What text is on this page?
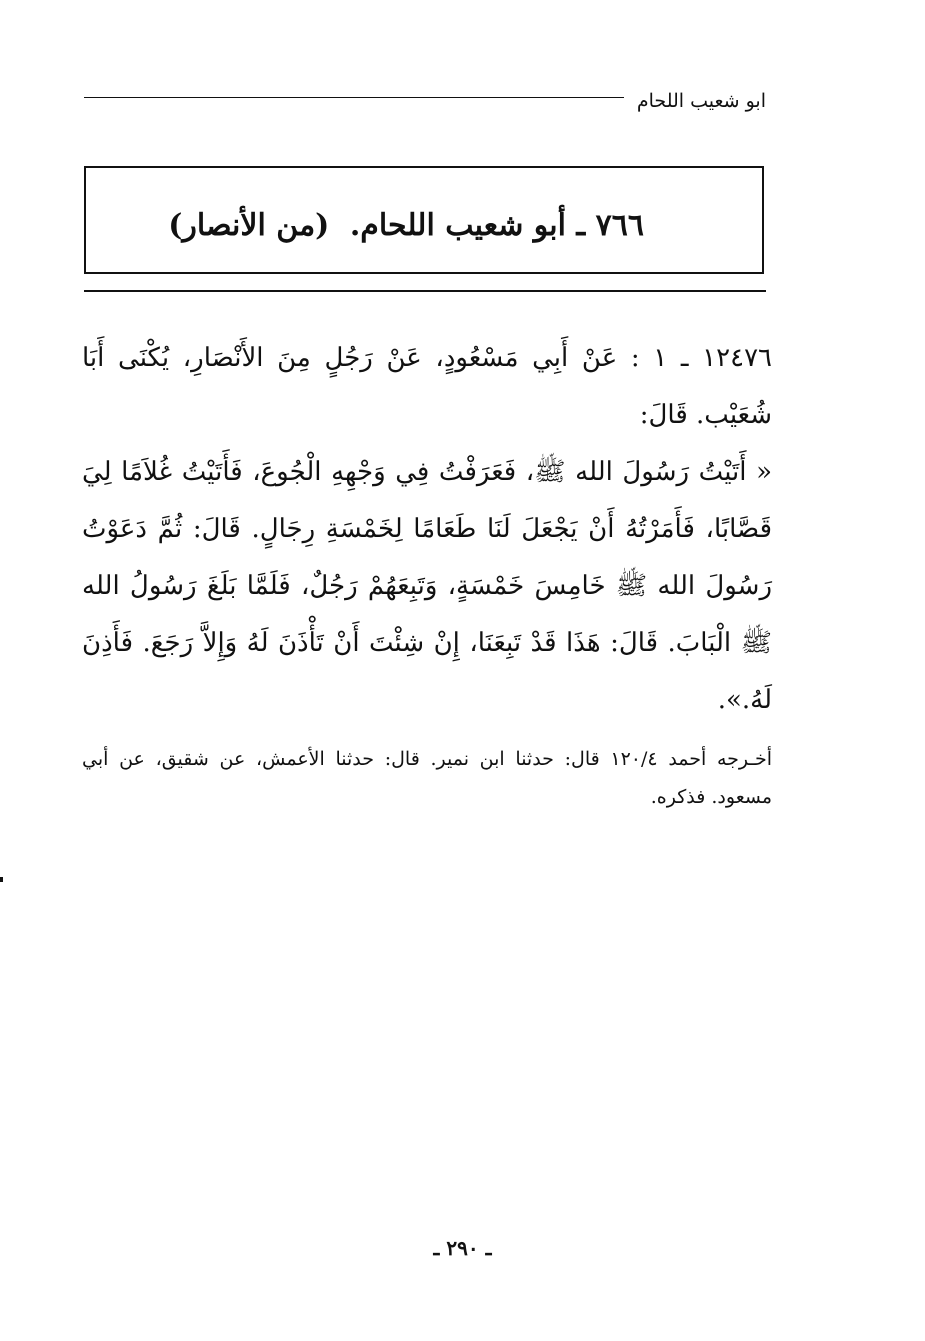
ابو شعيب اللحام
٧٦٦ ـ أبو شعيب اللحام. (من الأنصار)

١٢٤٧٦ ـ ١ : عَنْ أَبِي مَسْعُودٍ، عَنْ رَجُلٍ مِنَ الأَنْصَارِ، يُكْنَى أَبَا شُعَيْب. قَالَ:

« أَتَيْتُ رَسُولَ الله ﷺ، فَعَرَفْتُ فِي وَجْهِهِ الْجُوعَ، فَأَتَيْتُ غُلاَمًا لِيَ قَصَّابًا، فَأَمَرْتُهُ أَنْ يَجْعَلَ لَنَا طَعَامًا لِخَمْسَةِ رِجَالٍ. قَالَ: ثُمَّ دَعَوْتُ رَسُولَ الله ﷺ خَامِسَ خَمْسَةٍ، وَتَبِعَهُمْ رَجُلٌ، فَلَمَّا بَلَغَ رَسُولُ الله ﷺ الْبَابَ. قَالَ: هَذَا قَدْ تَبِعَنَا، إِنْ شِئْتَ أَنْ تَأْذَنَ لَهُ وَإِلاَّ رَجَعَ. فَأَذِنَ لَهُ.».

أخـرجه أحمد ١٢٠/٤ قال: حدثنا ابن نمير. قال: حدثنا الأعمش، عن شقيق، عن أبي مسعود. فذكره.

ـ ٢٩٠ ـ
